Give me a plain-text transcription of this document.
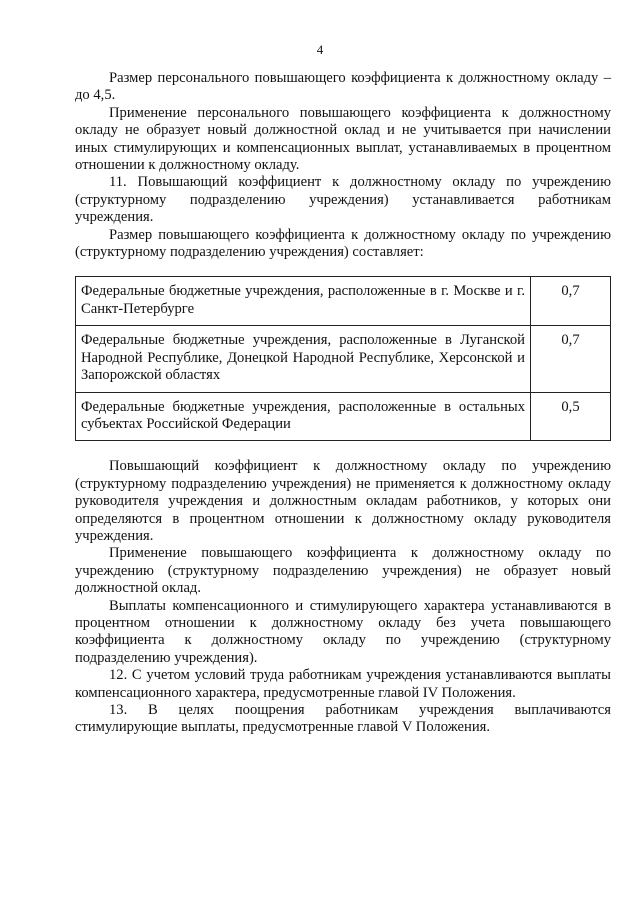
4

Размер персонального повышающего коэффициента к должностному окладу – до 4,5.

Применение персонального повышающего коэффициента к должностному окладу не образует новый должностной оклад и не учитывается при начислении иных стимулирующих и компенсационных выплат, устанавливаемых в процентном отношении к должностному окладу.

11. Повышающий коэффициент к должностному окладу по учреждению (структурному подразделению учреждения) устанавливается работникам учреждения.

Размер повышающего коэффициента к должностному окладу по учреждению (структурному подразделению учреждения) составляет:

Федеральные бюджетные учреждения, расположенные в г. Москве и г. Санкт-Петербурге	0,7
Федеральные бюджетные учреждения, расположенные в Луганской Народной Республике, Донецкой Народной Республике, Херсонской и Запорожской областях	0,7
Федеральные бюджетные учреждения, расположенные в остальных субъектах Российской Федерации	0,5

Повышающий коэффициент к должностному окладу по учреждению (структурному подразделению учреждения) не применяется к должностному окладу руководителя учреждения и должностным окладам работников, у которых они определяются в процентном отношении к должностному окладу руководителя учреждения.

Применение повышающего коэффициента к должностному окладу по учреждению (структурному подразделению учреждения) не образует новый должностной оклад.

Выплаты компенсационного и стимулирующего характера устанавливаются в процентном отношении к должностному окладу без учета повышающего коэффициента к должностному окладу по учреждению (структурному подразделению учреждения).

12. С учетом условий труда работникам учреждения устанавливаются выплаты компенсационного характера, предусмотренные главой IV Положения.

13. В целях поощрения работникам учреждения выплачиваются стимулирующие выплаты, предусмотренные главой V Положения.
